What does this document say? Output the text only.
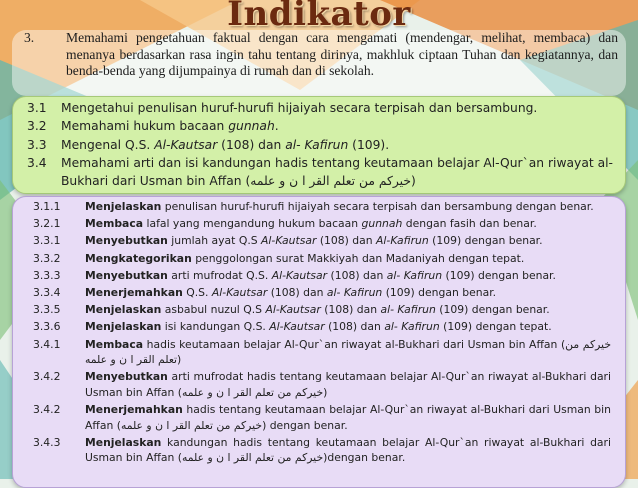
Indikator
3.	Memahami pengetahuan faktual dengan cara mengamati (mendengar, melihat, membaca) dan menanya berdasarkan rasa ingin tahu tentang dirinya, makhluk ciptaan Tuhan dan kegiatannya, dan benda-benda yang dijumpainya di rumah dan di sekolah.
3.1	Mengetahui penulisan huruf-hurufi hijaiyah secara terpisah dan bersambung.
3.2	Memahami hukum bacaan gunnah.
3.3	Mengenal Q.S. Al-Kautsar (108) dan al- Kafirun (109).
3.4	Memahami arti dan isi kandungan hadis tentang keutamaan belajar Al-Qur`an riwayat al-Bukhari dari Usman bin Affan (خيركم من تعلم القر ا ن و علمه)
3.1.1	Menjelaskan penulisan huruf-hurufi hijaiyah secara terpisah dan bersambung dengan benar.
3.2.1	Membaca lafal yang mengandung hukum bacaan gunnah dengan fasih dan benar.
3.3.1	Menyebutkan jumlah ayat Q.S Al-Kautsar (108) dan Al-Kafirun (109) dengan benar.
3.3.2	Mengkategorikan penggolongan surat Makkiyah dan Madaniyah dengan tepat.
3.3.3	Menyebutkan arti mufrodat Q.S. Al-Kautsar (108) dan al- Kafirun (109) dengan benar.
3.3.4	Menerjemahkan Q.S. Al-Kautsar (108) dan al- Kafirun (109) dengan benar.
3.3.5	Menjelaskan asbabul nuzul Q.S Al-Kautsar (108) dan al- Kafirun (109) dengan benar.
3.3.6	Menjelaskan isi kandungan Q.S. Al-Kautsar (108) dan al- Kafirun (109) dengan tepat.
3.4.1	Membaca hadis keutamaan belajar Al-Qur`an riwayat al-Bukhari dari Usman bin Affan (خيركم من تعلم القر ا ن و علمه)
3.4.2	Menyebutkan arti mufrodat hadis tentang keutamaan belajar Al-Qur`an riwayat al-Bukhari dari Usman bin Affan (خيركم من تعلم القر ا ن و علمه)
3.4.2	Menerjemahkan hadis tentang keutamaan belajar Al-Qur`an riwayat al-Bukhari dari Usman bin Affan (خيركم من تعلم القر ا ن و علمه) dengan benar.
3.4.3	Menjelaskan kandungan hadis tentang keutamaan belajar Al-Qur`an riwayat al-Bukhari dari Usman bin Affan (خيركم من تعلم القر ا ن و علمه)dengan benar.
